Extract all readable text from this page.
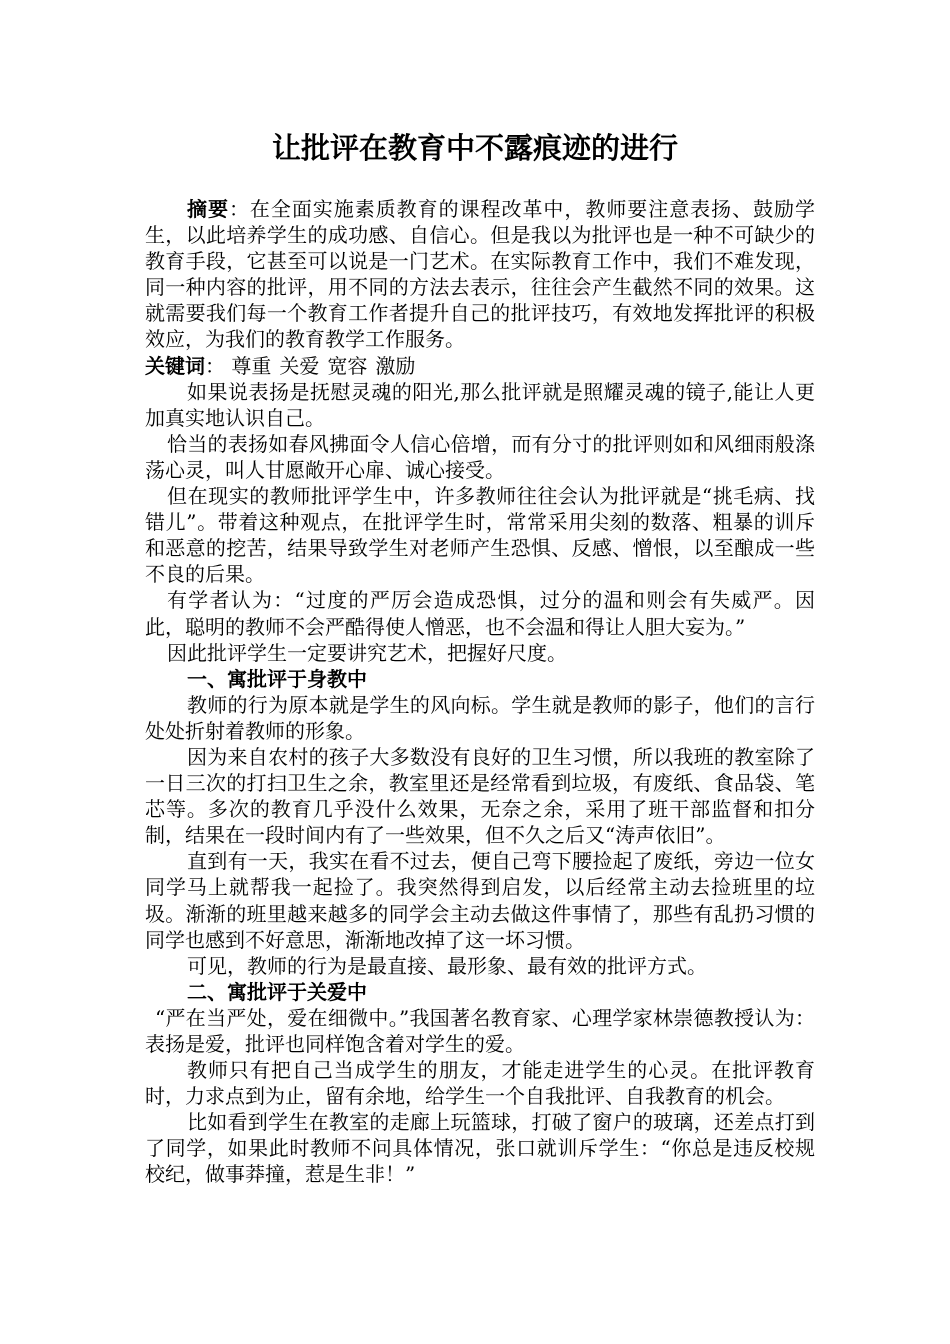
让批评在教育中不露痕迹的进行

摘要：在全面实施素质教育的课程改革中，教师要注意表扬、鼓励学生，以此培养学生的成功感、自信心。但是我以为批评也是一种不可缺少的教育手段，它甚至可以说是一门艺术。在实际教育工作中，我们不难发现，同一种内容的批评，用不同的方法去表示，往往会产生截然不同的效果。这就需要我们每一个教育工作者提升自己的批评技巧，有效地发挥批评的积极效应，为我们的教育教学工作服务。

关键词： 尊重 关爱 宽容 激励

如果说表扬是抚慰灵魂的阳光,那么批评就是照耀灵魂的镜子,能让人更加真实地认识自己。

恰当的表扬如春风拂面令人信心倍增，而有分寸的批评则如和风细雨般涤荡心灵，叫人甘愿敞开心扉、诚心接受。

但在现实的教师批评学生中，许多教师往往会认为批评就是“挑毛病、找错儿”。带着这种观点，在批评学生时，常常采用尖刻的数落、粗暴的训斥和恶意的挖苦，结果导致学生对老师产生恐惧、反感、憎恨，以至酿成一些不良的后果。

有学者认为：“过度的严厉会造成恐惧，过分的温和则会有失威严。因此，聪明的教师不会严酷得使人憎恶，也不会温和得让人胆大妄为。”

因此批评学生一定要讲究艺术，把握好尺度。

一、寓批评于身教中

教师的行为原本就是学生的风向标。学生就是教师的影子，他们的言行处处折射着教师的形象。

因为来自农村的孩子大多数没有良好的卫生习惯，所以我班的教室除了一日三次的打扫卫生之余，教室里还是经常看到垃圾，有废纸、食品袋、笔芯等。多次的教育几乎没什么效果，无奈之余，采用了班干部监督和扣分制，结果在一段时间内有了一些效果，但不久之后又“涛声依旧”。

直到有一天，我实在看不过去，便自己弯下腰捡起了废纸，旁边一位女同学马上就帮我一起捡了。我突然得到启发，以后经常主动去捡班里的垃圾。渐渐的班里越来越多的同学会主动去做这件事情了，那些有乱扔习惯的同学也感到不好意思，渐渐地改掉了这一坏习惯。

可见，教师的行为是最直接、最形象、最有效的批评方式。

二、寓批评于关爱中

“严在当严处，爱在细微中。”我国著名教育家、心理学家林崇德教授认为：表扬是爱，批评也同样饱含着对学生的爱。

教师只有把自己当成学生的朋友，才能走进学生的心灵。在批评教育时，力求点到为止，留有余地，给学生一个自我批评、自我教育的机会。

比如看到学生在教室的走廊上玩篮球，打破了窗户的玻璃，还差点打到了同学，如果此时教师不问具体情况，张口就训斥学生：“你总是违反校规校纪，做事莽撞，惹是生非！”
